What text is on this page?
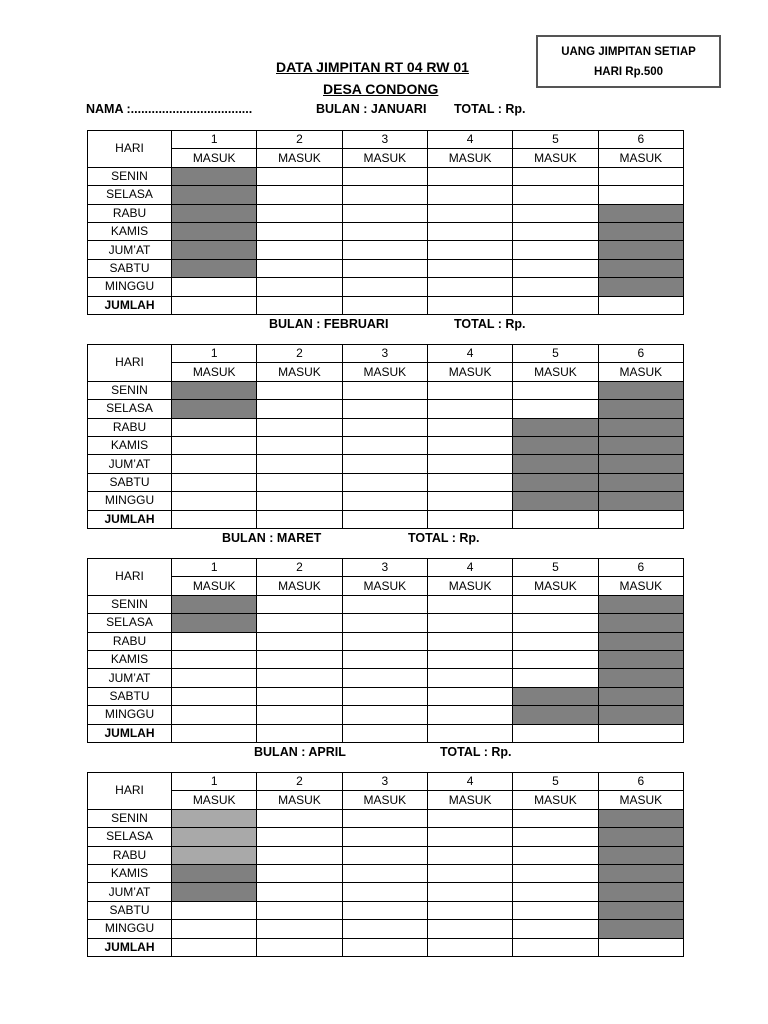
UANG JIMPITAN SETIAP
HARI Rp.500
DATA JIMPITAN RT 04 RW 01
DESA CONDONG
NAMA :...................................	BULAN : JANUARI TOTAL : Rp.
HARI	1	2	3	4	5	6
	MASUK	MASUK	MASUK	MASUK	MASUK	MASUK
SENIN						
SELASA						
RABU						
KAMIS						
JUM’AT						
SABTU						
MINGGU						
JUMLAH						
BULAN : FEBRUARI	TOTAL : Rp.
HARI	1	2	3	4	5	6
	MASUK	MASUK	MASUK	MASUK	MASUK	MASUK
SENIN						
SELASA						
RABU						
KAMIS						
JUM’AT						
SABTU						
MINGGU						
JUMLAH						
BULAN : MARET	TOTAL : Rp.
HARI	1	2	3	4	5	6
	MASUK	MASUK	MASUK	MASUK	MASUK	MASUK
SENIN						
SELASA						
RABU						
KAMIS						
JUM’AT						
SABTU						
MINGGU						
JUMLAH						
BULAN : APRIL	TOTAL : Rp.
HARI	1	2	3	4	5	6
	MASUK	MASUK	MASUK	MASUK	MASUK	MASUK
SENIN						
SELASA						
RABU						
KAMIS						
JUM’AT						
SABTU						
MINGGU						
JUMLAH						
